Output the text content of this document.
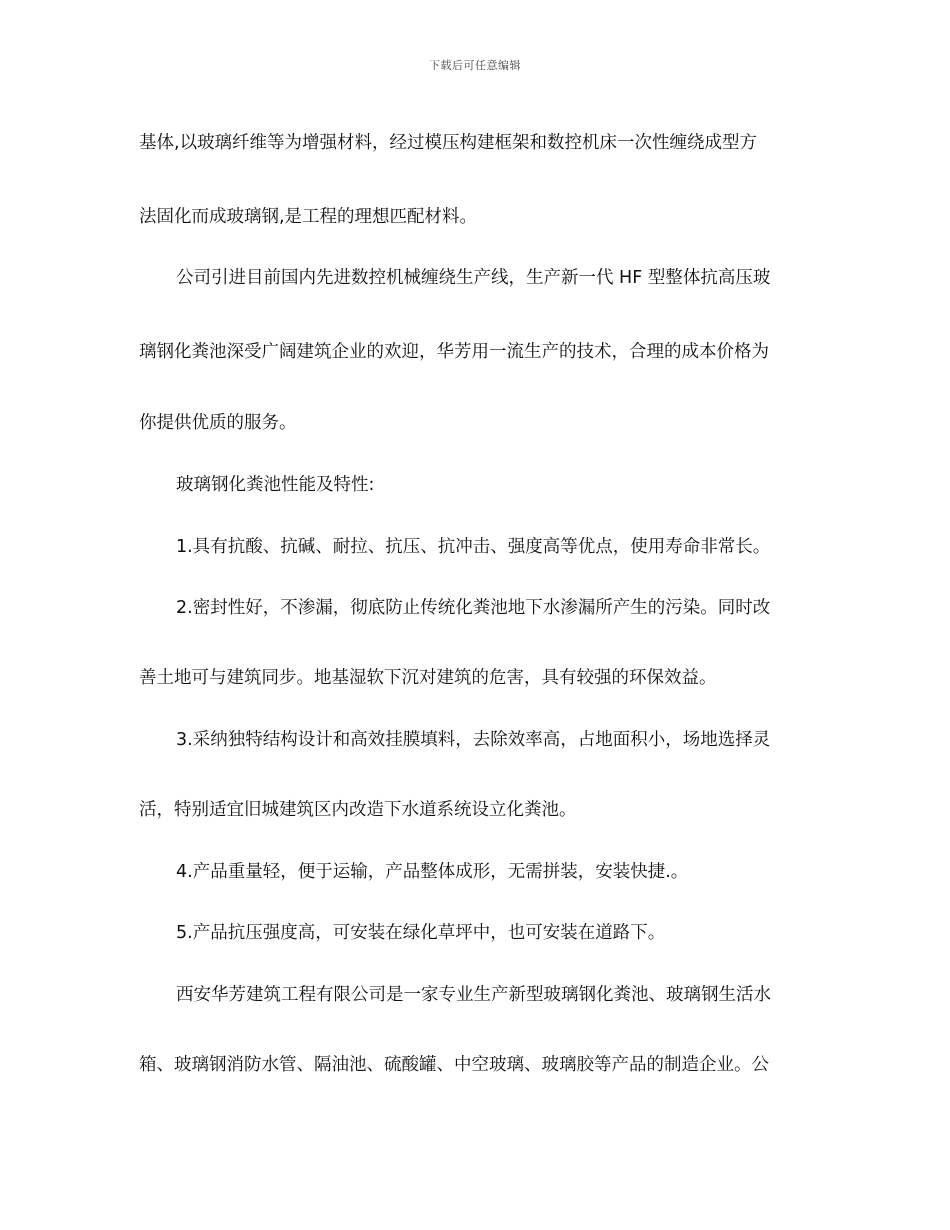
下载后可任意编辑
基体,以玻璃纤维等为增强材料，经过模压构建框架和数控机床一次性缠绕成型方
法固化而成玻璃钢,是工程的理想匹配材料。
公司引进目前国内先进数控机械缠绕生产线，生产新一代 HF 型整体抗高压玻
璃钢化粪池深受广阔建筑企业的欢迎，华芳用一流生产的技术，合理的成本价格为
你提供优质的服务。
玻璃钢化粪池性能及特性:
1.具有抗酸、抗碱、耐拉、抗压、抗冲击、强度高等优点，使用寿命非常长。
2.密封性好，不渗漏，彻底防止传统化粪池地下水渗漏所产生的污染。同时改
善土地可与建筑同步。地基湿软下沉对建筑的危害，具有较强的环保效益。
3.采纳独特结构设计和高效挂膜填料，去除效率高，占地面积小，场地选择灵
活，特别适宜旧城建筑区内改造下水道系统设立化粪池。
4.产品重量轻，便于运输，产品整体成形，无需拼装，安装快捷.。
5.产品抗压强度高，可安装在绿化草坪中，也可安装在道路下。
西安华芳建筑工程有限公司是一家专业生产新型玻璃钢化粪池、玻璃钢生活水
箱、玻璃钢消防水管、隔油池、硫酸罐、中空玻璃、玻璃胶等产品的制造企业。公
